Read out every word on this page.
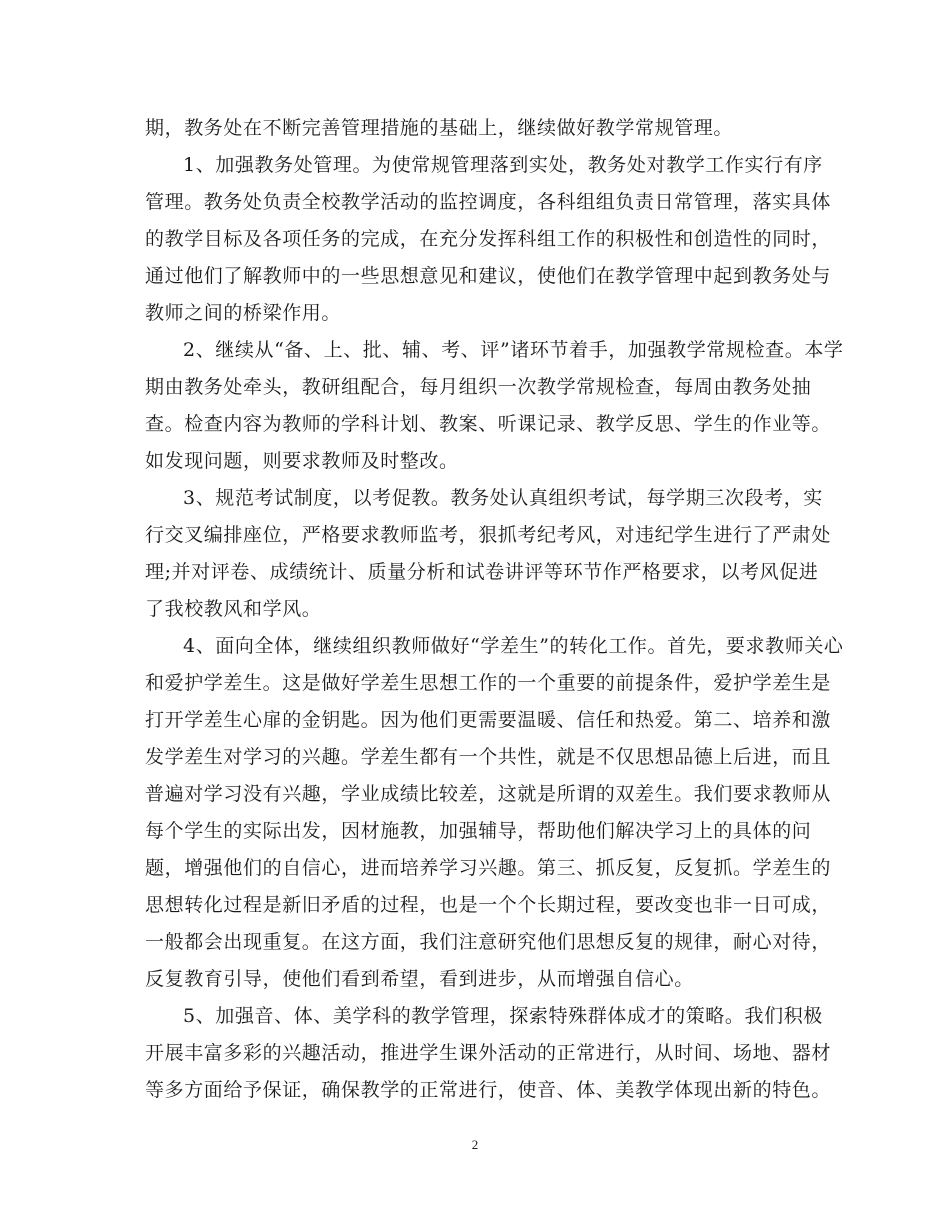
期，教务处在不断完善管理措施的基础上，继续做好教学常规管理。
1、加强教务处管理。为使常规管理落到实处，教务处对教学工作实行有序
管理。教务处负责全校教学活动的监控调度，各科组组负责日常管理，落实具体
的教学目标及各项任务的完成，在充分发挥科组工作的积极性和创造性的同时，
通过他们了解教师中的一些思想意见和建议，使他们在教学管理中起到教务处与
教师之间的桥梁作用。
2、继续从“备、上、批、辅、考、评”诸环节着手，加强教学常规检查。本学
期由教务处牵头，教研组配合，每月组织一次教学常规检查，每周由教务处抽
查。检查内容为教师的学科计划、教案、听课记录、教学反思、学生的作业等。
如发现问题，则要求教师及时整改。
3、规范考试制度，以考促教。教务处认真组织考试，每学期三次段考，实
行交叉编排座位，严格要求教师监考，狠抓考纪考风，对违纪学生进行了严肃处
理;并对评卷、成绩统计、质量分析和试卷讲评等环节作严格要求，以考风促进
了我校教风和学风。
4、面向全体，继续组织教师做好“学差生”的转化工作。首先，要求教师关心
和爱护学差生。这是做好学差生思想工作的一个重要的前提条件，爱护学差生是
打开学差生心扉的金钥匙。因为他们更需要温暖、信任和热爱。第二、培养和激
发学差生对学习的兴趣。学差生都有一个共性，就是不仅思想品德上后进，而且
普遍对学习没有兴趣，学业成绩比较差，这就是所谓的双差生。我们要求教师从
每个学生的实际出发，因材施教，加强辅导，帮助他们解决学习上的具体的问
题，增强他们的自信心，进而培养学习兴趣。第三、抓反复，反复抓。学差生的
思想转化过程是新旧矛盾的过程，也是一个个长期过程，要改变也非一日可成，
一般都会出现重复。在这方面，我们注意研究他们思想反复的规律，耐心对待，
反复教育引导，使他们看到希望，看到进步，从而增强自信心。
5、加强音、体、美学科的教学管理，探索特殊群体成才的策略。我们积极
开展丰富多彩的兴趣活动，推进学生课外活动的正常进行，从时间、场地、器材
等多方面给予保证，确保教学的正常进行，使音、体、美教学体现出新的特色。
2
